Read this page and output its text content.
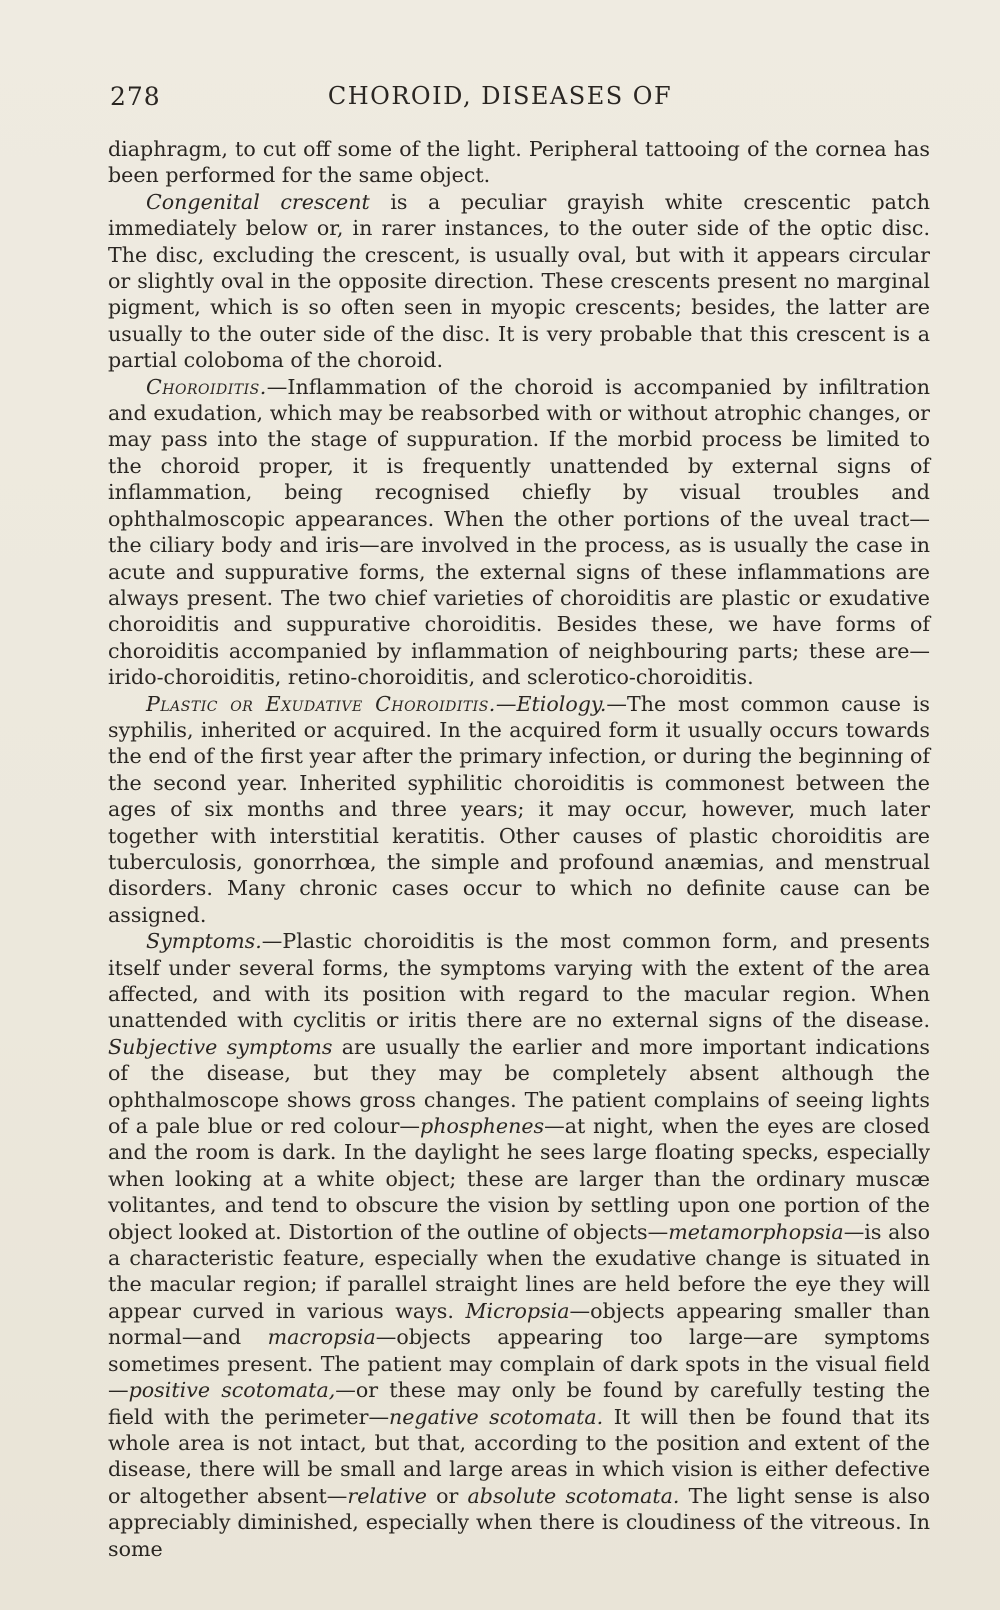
278	CHOROID, DISEASES OF

diaphragm, to cut off some of the light. Peripheral tattooing of the cornea has been performed for the same object.

Congenital crescent is a peculiar grayish white crescentic patch immediately below or, in rarer instances, to the outer side of the optic disc. The disc, excluding the crescent, is usually oval, but with it appears circular or slightly oval in the opposite direction. These crescents present no marginal pigment, which is so often seen in myopic crescents; besides, the latter are usually to the outer side of the disc. It is very probable that this crescent is a partial coloboma of the choroid.

Choroiditis.—Inflammation of the choroid is accompanied by infiltration and exudation, which may be reabsorbed with or without atrophic changes, or may pass into the stage of suppuration. If the morbid process be limited to the choroid proper, it is frequently unattended by external signs of inflammation, being recognised chiefly by visual troubles and ophthalmoscopic appearances. When the other portions of the uveal tract—the ciliary body and iris—are involved in the process, as is usually the case in acute and suppurative forms, the external signs of these inflammations are always present. The two chief varieties of choroiditis are plastic or exudative choroiditis and suppurative choroiditis. Besides these, we have forms of choroiditis accompanied by inflammation of neighbouring parts; these are—irido-choroiditis, retino-choroiditis, and sclerotico-choroiditis.

Plastic or Exudative Choroiditis.—Etiology.—The most common cause is syphilis, inherited or acquired. In the acquired form it usually occurs towards the end of the first year after the primary infection, or during the beginning of the second year. Inherited syphilitic choroiditis is commonest between the ages of six months and three years; it may occur, however, much later together with interstitial keratitis. Other causes of plastic choroiditis are tuberculosis, gonorrhœa, the simple and profound anæmias, and menstrual disorders. Many chronic cases occur to which no definite cause can be assigned.

Symptoms.—Plastic choroiditis is the most common form, and presents itself under several forms, the symptoms varying with the extent of the area affected, and with its position with regard to the macular region. When unattended with cyclitis or iritis there are no external signs of the disease. Subjective symptoms are usually the earlier and more important indications of the disease, but they may be completely absent although the ophthalmoscope shows gross changes. The patient complains of seeing lights of a pale blue or red colour—phosphenes—at night, when the eyes are closed and the room is dark. In the daylight he sees large floating specks, especially when looking at a white object; these are larger than the ordinary muscæ volitantes, and tend to obscure the vision by settling upon one portion of the object looked at. Distortion of the outline of objects—metamorphopsia—is also a characteristic feature, especially when the exudative change is situated in the macular region; if parallel straight lines are held before the eye they will appear curved in various ways. Micropsia—objects appearing smaller than normal—and macropsia—objects appearing too large—are symptoms sometimes present. The patient may complain of dark spots in the visual field—positive scotomata,—or these may only be found by carefully testing the field with the perimeter—negative scotomata. It will then be found that its whole area is not intact, but that, according to the position and extent of the disease, there will be small and large areas in which vision is either defective or altogether absent—relative or absolute scotomata. The light sense is also appreciably diminished, especially when there is cloudiness of the vitreous. In some
